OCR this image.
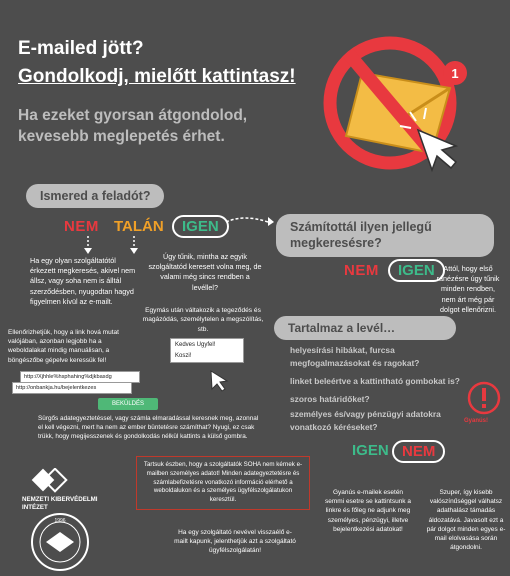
E-mailed jött?
Gondolkodj, mielőtt kattintasz!
Ha ezeket gyorsan átgondolod, kevesebb meglepetés érhet.
1
Ismered a feladót?
NEM TALÁN	IGEN
Ha egy olyan szolgáltatótól érkezett megkeresés, akivel nem állsz, vagy soha nem is álltál szerződésben, nyugodtan hagyd figyelmen kívül az e-mailt.
Úgy tűnik, mintha az egyik szolgáltatód keresett volna meg, de valami még sincs rendben a levéllel?
Számítottál ilyen jellegű megkeresésre?
NEM	IGEN	Attól, hogy első ránézésre úgy tűnik minden rendben, nem árt még pár dolgot ellenőrizni.
Tartalmaz a levél…
helyesírási hibákat, furcsa
megfogalmazásokat és ragokat?
linket beleértve a kattintható gombokat is?
szoros határidőket?
személyes és/vagy pénzügyi adatokra
vonatkozó kéréseket?
Gyanús!
Egymás után váltakozik a tegeződés és magázódás, személytelen a megszólítás, stb.
Kedves Ugyfel!
Koszi!
Ellenőrizhetjük, hogy a link hová mutat valójában, azonban legjobb ha a weboldalakat mindig manuálisan, a böngészőbe gépelve keressük fel!
http://Xjhhle%hsphahing%djkbasdg
http://onbankja.hu/bejelentkezes
BEKÜLDÉS
Sürgős adategyeztetéssel, vagy számla elmaradással keresnek meg, azonnal el kell végezni, mert ha nem az ember büntetésre számíthat? Nyugi, ez csak trükk, hogy megijesszenek és gondolkodás nélkül kattints a külső gombra.
Tartsuk észben, hogy a szolgáltatók SOHA nem kérnek e-mailben személyes adatot! Minden adategyeztetésre és számlabefizetésre vonatkozó információ elérhető a weboldalukon és a személyes ügyfélszolgálatukon keresztül.
IGEN NEM
Gyanús e-mailek esetén semmi esetre se kattintsunk a linkre és főleg ne adjunk meg személyes, pénzügyi, illetve bejelentkezési adatokat!
Szuper, így kisebb valószínűséggel válhatsz adathalász támadás áldozatává. Javasolt ezt a pár dolgot minden egyes e-mail elolvasása során átgondolni.
Ha egy szolgáltató nevével visszaélő e-mailt kapunk, jelenthetjük azt a szolgáltató ügyfélszolgálatán!
NEMZETI KIBERVÉDELMI INTÉZET
1996
